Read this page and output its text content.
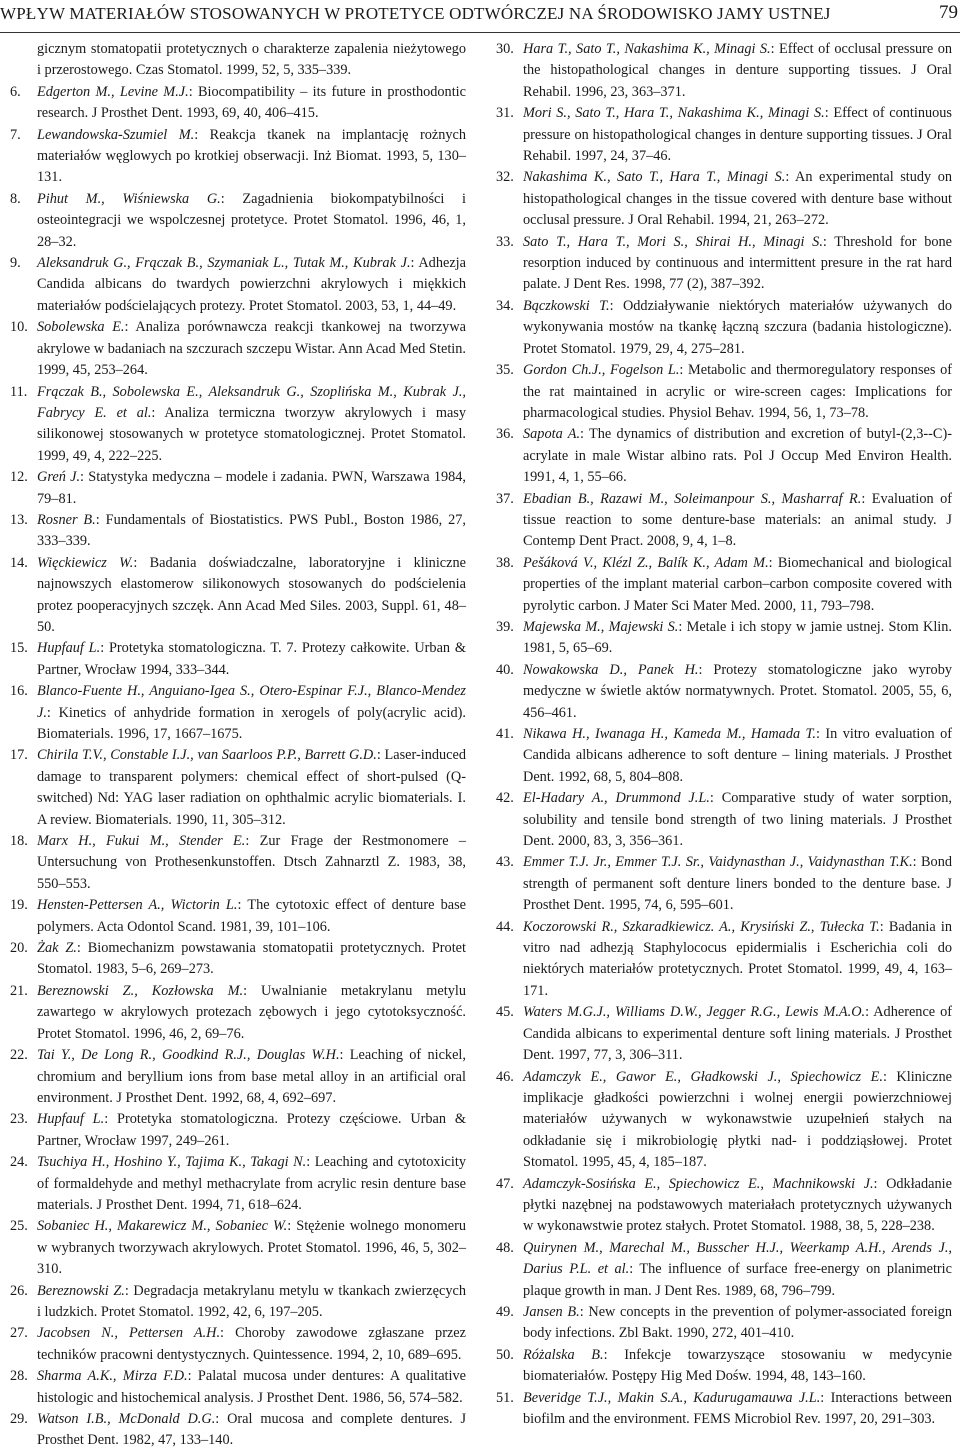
WPŁYW MATERIAŁÓW STOSOWANYCH W PROTETYCE ODTWÓRCZEJ NA ŚRODOWISKO JAMY USTNEJ	79

gicznym stomatopatii protetycznych o charakterze zapalenia nieżytowego i przerostowego. Czas Stomatol. 1999, 52, 5, 335–339.

6. Edgerton M., Levine M.J.: Biocompatibility – its future in prosthodontic research. J Prosthet Dent. 1993, 69, 40, 406–415.

7. Lewandowska-Szumiel M.: Reakcja tkanek na implantację rożnych materiałów węglowych po krotkiej obserwacji. Inż Biomat. 1993, 5, 130–131.

8. Pihut M., Wiśniewska G.: Zagadnienia biokompatybilności i osteointegracji we wspolczesnej protetyce. Protet Stomatol. 1996, 46, 1, 28–32.

9. Aleksandruk G., Frączak B., Szymaniak L., Tutak M., Kubrak J.: Adhezja Candida albicans do twardych powierzchni akrylowych i miękkich materiałów podścielających protezy. Protet Stomatol. 2003, 53, 1, 44–49.

10. Sobolewska E.: Analiza porównawcza reakcji tkankowej na tworzywa akrylowe w badaniach na szczurach szczepu Wistar. Ann Acad Med Stetin. 1999, 45, 253–264.

11. Frączak B., Sobolewska E., Aleksandruk G., Szoplińska M., Kubrak J., Fabrycy E. et al.: Analiza termiczna tworzyw akrylowych i masy silikonowej stosowanych w protetyce stomatologicznej. Protet Stomatol. 1999, 49, 4, 222–225.

12. Greń J.: Statystyka medyczna – modele i zadania. PWN, Warszawa 1984, 79–81.

13. Rosner B.: Fundamentals of Biostatistics. PWS Publ., Boston 1986, 27, 333–339.

14. Więckiewicz W.: Badania doświadczalne, laboratoryjne i kliniczne najnowszych elastomerow silikonowych stosowanych do podścielenia protez pooperacyjnych szczęk. Ann Acad Med Siles. 2003, Suppl. 61, 48–50.

15. Hupfauf L.: Protetyka stomatologiczna. T. 7. Protezy całkowite. Urban & Partner, Wrocław 1994, 333–344.

16. Blanco-Fuente H., Anguiano-Igea S., Otero-Espinar F.J., Blanco-Mendez J.: Kinetics of anhydride formation in xerogels of poly(acrylic acid). Biomaterials. 1996, 17, 1667–1675.

17. Chirila T.V., Constable I.J., van Saarloos P.P., Barrett G.D.: Laser-induced damage to transparent polymers: chemical effect of short-pulsed (Q-switched) Nd: YAG laser radiation on ophthalmic acrylic biomaterials. I. A review. Biomaterials. 1990, 11, 305–312.

18. Marx H., Fukui M., Stender E.: Zur Frage der Restmonomere – Untersuchung von Prothesenkunstoffen. Dtsch Zahnarztl Z. 1983, 38, 550–553.

19. Hensten-Pettersen A., Wictorin L.: The cytotoxic effect of denture base polymers. Acta Odontol Scand. 1981, 39, 101–106.

20. Żak Z.: Biomechanizm powstawania stomatopatii protetycznych. Protet Stomatol. 1983, 5–6, 269–273.

21. Bereznowski Z., Kozłowska M.: Uwalnianie metakrylanu metylu zawartego w akrylowych protezach zębowych i jego cytotoksyczność. Protet Stomatol. 1996, 46, 2, 69–76.

22. Tai Y., De Long R., Goodkind R.J., Douglas W.H.: Leaching of nickel, chromium and beryllium ions from base metal alloy in an artificial oral environment. J Prosthet Dent. 1992, 68, 4, 692–697.

23. Hupfauf L.: Protetyka stomatologiczna. Protezy częściowe. Urban & Partner, Wrocław 1997, 249–261.

24. Tsuchiya H., Hoshino Y., Tajima K., Takagi N.: Leaching and cytotoxicity of formaldehyde and methyl methacrylate from acrylic resin denture base materials. J Prosthet Dent. 1994, 71, 618–624.

25. Sobaniec H., Makarewicz M., Sobaniec W.: Stężenie wolnego monomeru w wybranych tworzywach akrylowych. Protet Stomatol. 1996, 46, 5, 302–310.

26. Bereznowski Z.: Degradacja metakrylanu metylu w tkankach zwierzęcych i ludzkich. Protet Stomatol. 1992, 42, 6, 197–205.

27. Jacobsen N., Pettersen A.H.: Choroby zawodowe zgłaszane przez techników pracowni dentystycznych. Quintessence. 1994, 2, 10, 689–695.

28. Sharma A.K., Mirza F.D.: Palatal mucosa under dentures: A qualitative histologic and histochemical analysis. J Prosthet Dent. 1986, 56, 574–582.

29. Watson I.B., McDonald D.G.: Oral mucosa and complete dentures. J Prosthet Dent. 1982, 47, 133–140.

30. Hara T., Sato T., Nakashima K., Minagi S.: Effect of occlusal pressure on the histopathological changes in denture supporting tissues. J Oral Rehabil. 1996, 23, 363–371.

31. Mori S., Sato T., Hara T., Nakashima K., Minagi S.: Effect of continuous pressure on histopathological changes in denture supporting tissues. J Oral Rehabil. 1997, 24, 37–46.

32. Nakashima K., Sato T., Hara T., Minagi S.: An experimental study on histopathological changes in the tissue covered with denture base without occlusal pressure. J Oral Rehabil. 1994, 21, 263–272.

33. Sato T., Hara T., Mori S., Shirai H., Minagi S.: Threshold for bone resorption induced by continuous and intermittent presure in the rat hard palate. J Dent Res. 1998, 77 (2), 387–392.

34. Bączkowski T.: Oddziaływanie niektórych materiałów używanych do wykonywania mostów na tkankę łączną szczura (badania histologiczne). Protet Stomatol. 1979, 29, 4, 275–281.

35. Gordon Ch.J., Fogelson L.: Metabolic and thermoregulatory responses of the rat maintained in acrylic or wire-screen cages: Implications for pharmacological studies. Physiol Behav. 1994, 56, 1, 73–78.

36. Sapota A.: The dynamics of distribution and excretion of butyl-(2,3--C)-acrylate in male Wistar albino rats. Pol J Occup Med Environ Health. 1991, 4, 1, 55–66.

37. Ebadian B., Razawi M., Soleimanpour S., Masharraf R.: Evaluation of tissue reaction to some denture-base materials: an animal study. J Contemp Dent Pract. 2008, 9, 4, 1–8.

38. Pešáková V., Klézl Z., Balík K., Adam M.: Biomechanical and biological properties of the implant material carbon–carbon composite covered with pyrolytic carbon. J Mater Sci Mater Med. 2000, 11, 793–798.

39. Majewska M., Majewski S.: Metale i ich stopy w jamie ustnej. Stom Klin. 1981, 5, 65–69.

40. Nowakowska D., Panek H.: Protezy stomatologiczne jako wyroby medyczne w świetle aktów normatywnych. Protet. Stomatol. 2005, 55, 6, 456–461.

41. Nikawa H., Iwanaga H., Kameda M., Hamada T.: In vitro evaluation of Candida albicans adherence to soft denture – lining materials. J Prosthet Dent. 1992, 68, 5, 804–808.

42. El-Hadary A., Drummond J.L.: Comparative study of water sorption, solubility and tensile bond strength of two lining materials. J Prosthet Dent. 2000, 83, 3, 356–361.

43. Emmer T.J. Jr., Emmer T.J. Sr., Vaidynasthan J., Vaidynasthan T.K.: Bond strength of permanent soft denture liners bonded to the denture base. J Prosthet Dent. 1995, 74, 6, 595–601.

44. Koczorowski R., Szkaradkiewicz. A., Krysiński Z., Tułecka T.: Badania in vitro nad adhezją Staphylococus epidermialis i Escherichia coli do niektórych materiałów protetycznych. Protet Stomatol. 1999, 49, 4, 163–171.

45. Waters M.G.J., Williams D.W., Jegger R.G., Lewis M.A.O.: Adherence of Candida albicans to experimental denture soft lining materials. J Prosthet Dent. 1997, 77, 3, 306–311.

46. Adamczyk E., Gawor E., Gładkowski J., Spiechowicz E.: Kliniczne implikacje gładkości powierzchni i wolnej energii powierzchniowej materiałów używanych w wykonawstwie uzupełnień stałych na odkładanie się i mikrobiologię płytki nad- i poddziąsłowej. Protet Stomatol. 1995, 45, 4, 185–187.

47. Adamczyk-Sosińska E., Spiechowicz E., Machnikowski J.: Odkładanie płytki nazębnej na podstawowych materiałach protetycznych używanych w wykonawstwie protez stałych. Protet Stomatol. 1988, 38, 5, 228–238.

48. Quirynen M., Marechal M., Busscher H.J., Weerkamp A.H., Arends J., Darius P.L. et al.: The influence of surface free-energy on planimetric plaque growth in man. J Dent Res. 1989, 68, 796–799.

49. Jansen B.: New concepts in the prevention of polymer-associated foreign body infections. Zbl Bakt. 1990, 272, 401–410.

50. Różalska B.: Infekcje towarzyszące stosowaniu w medycynie biomateriałów. Postępy Hig Med Dośw. 1994, 48, 143–160.

51. Beveridge T.J., Makin S.A., Kadurugamauwa J.L.: Interactions between biofilm and the environment. FEMS Microbiol Rev. 1997, 20, 291–303.
